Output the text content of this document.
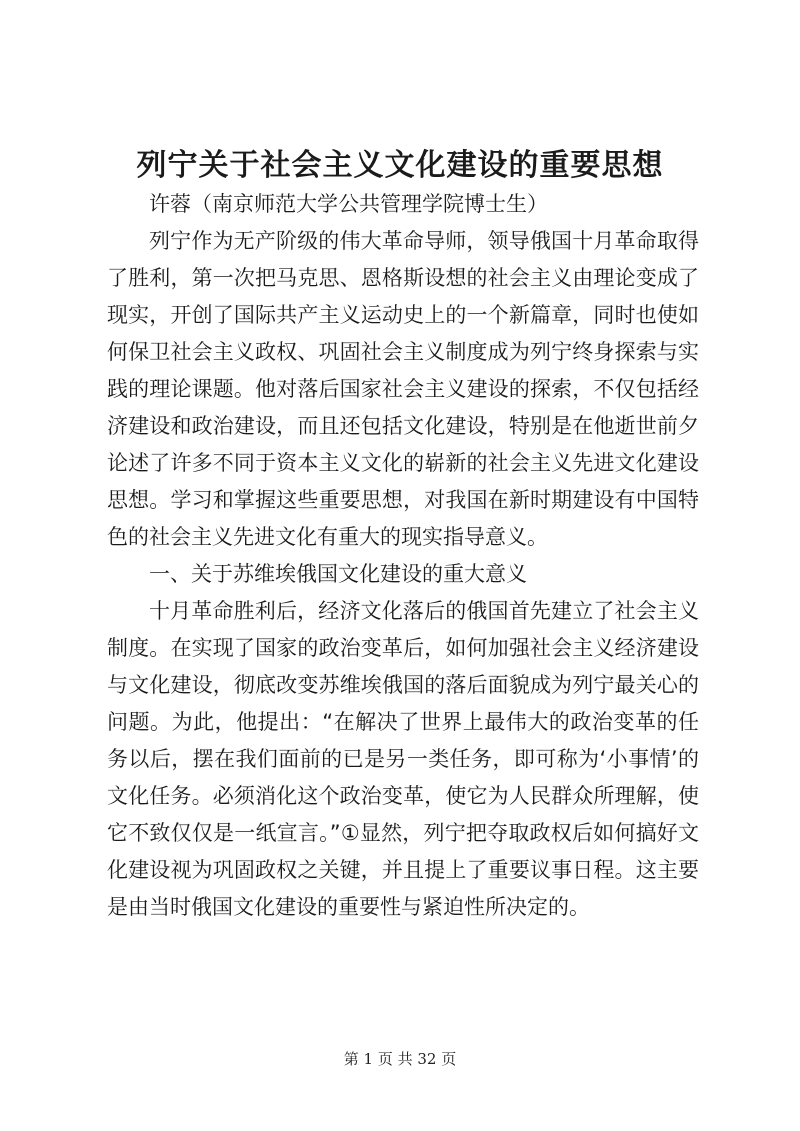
列宁关于社会主义文化建设的重要思想

许蓉（南京师范大学公共管理学院博士生）

列宁作为无产阶级的伟大革命导师，领导俄国十月革命取得了胜利，第一次把马克思、恩格斯设想的社会主义由理论变成了现实，开创了国际共产主义运动史上的一个新篇章，同时也使如何保卫社会主义政权、巩固社会主义制度成为列宁终身探索与实践的理论课题。他对落后国家社会主义建设的探索，不仅包括经济建设和政治建设，而且还包括文化建设，特别是在他逝世前夕论述了许多不同于资本主义文化的崭新的社会主义先进文化建设思想。学习和掌握这些重要思想，对我国在新时期建设有中国特色的社会主义先进文化有重大的现实指导意义。

一、关于苏维埃俄国文化建设的重大意义

十月革命胜利后，经济文化落后的俄国首先建立了社会主义制度。在实现了国家的政治变革后，如何加强社会主义经济建设与文化建设，彻底改变苏维埃俄国的落后面貌成为列宁最关心的问题。为此，他提出：“在解决了世界上最伟大的政治变革的任务以后，摆在我们面前的已是另一类任务，即可称为‘小事情’的文化任务。必须消化这个政治变革，使它为人民群众所理解，使它不致仅仅是一纸宣言。”①显然，列宁把夺取政权后如何搞好文化建设视为巩固政权之关键，并且提上了重要议事日程。这主要是由当时俄国文化建设的重要性与紧迫性所决定的。

第 1 页 共 32 页
